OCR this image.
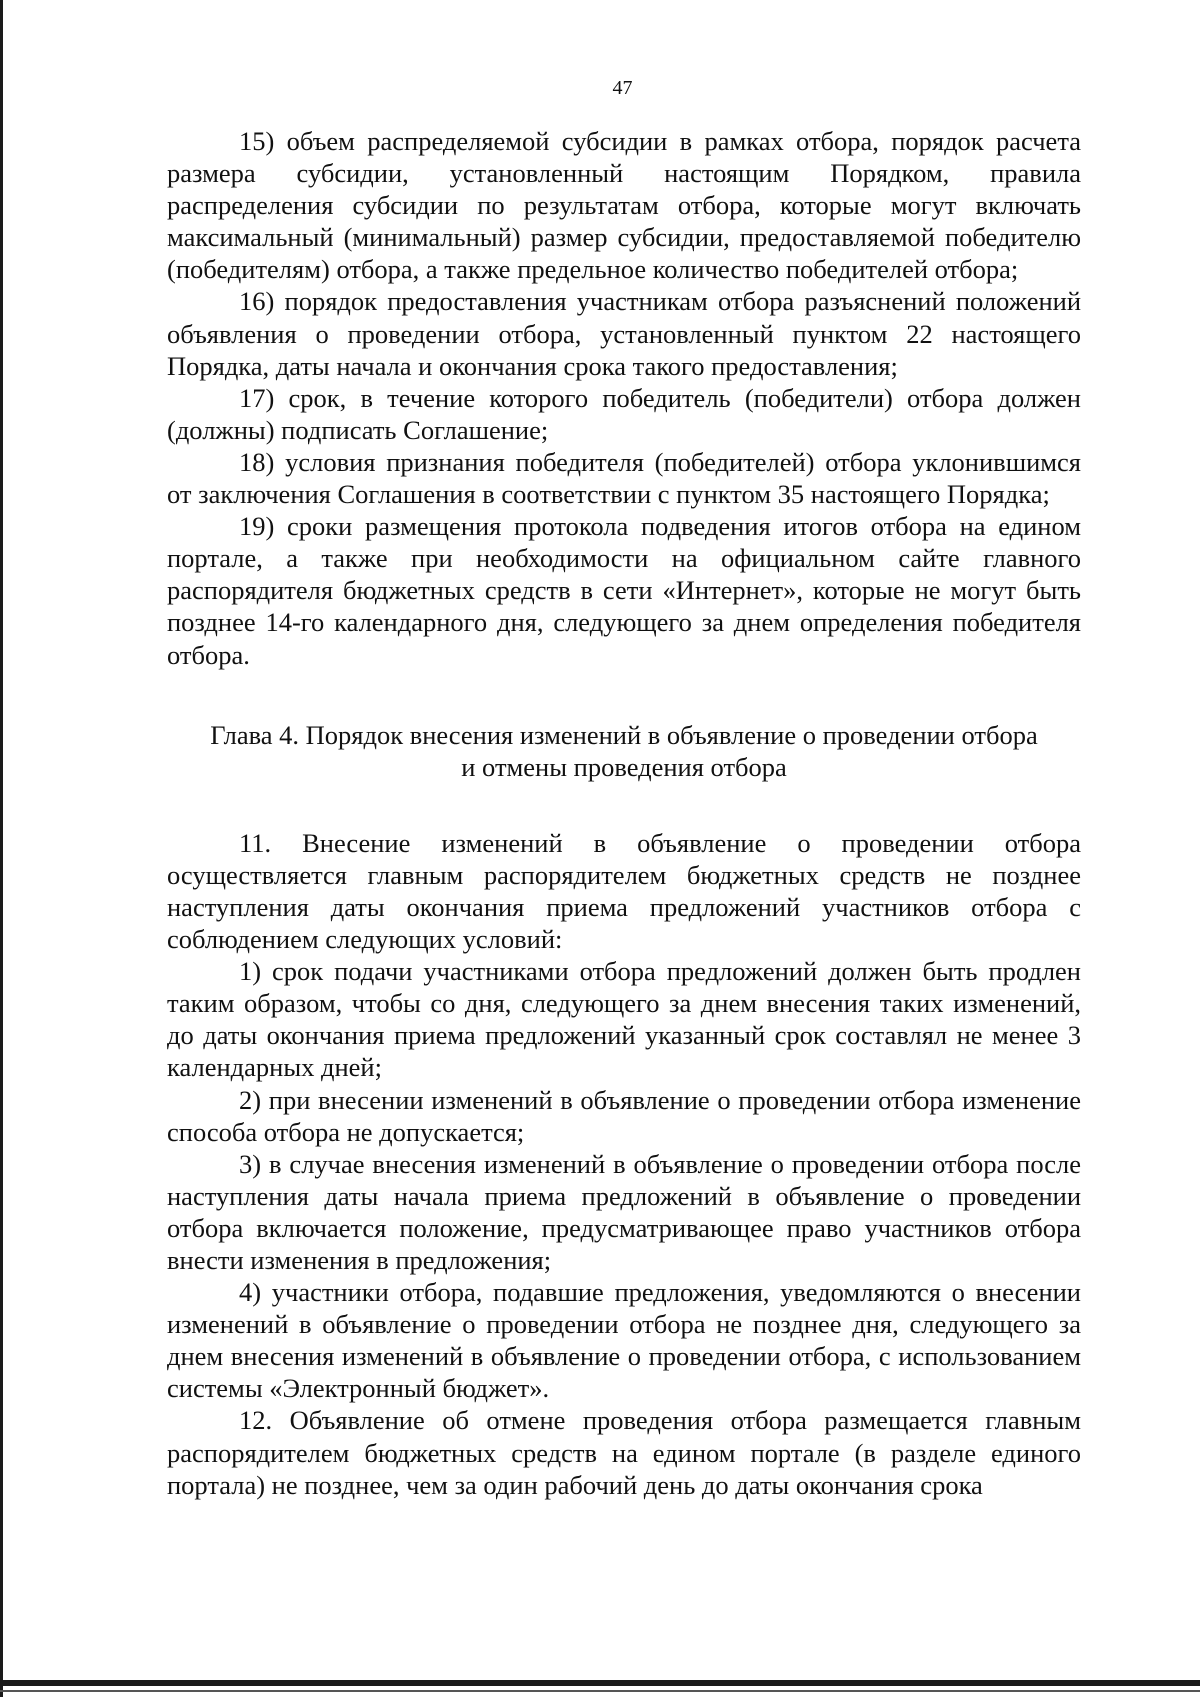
47

15) объем распределяемой субсидии в рамках отбора, порядок расчета размера субсидии, установленный настоящим Порядком, правила распределения субсидии по результатам отбора, которые могут включать максимальный (минимальный) размер субсидии, предоставляемой победителю (победителям) отбора, а также предельное количество победителей отбора;

16) порядок предоставления участникам отбора разъяснений положений объявления о проведении отбора, установленный пунктом 22 настоящего Порядка, даты начала и окончания срока такого предоставления;

17) срок, в течение которого победитель (победители) отбора должен (должны) подписать Соглашение;

18) условия признания победителя (победителей) отбора уклонившимся от заключения Соглашения в соответствии с пунктом 35 настоящего Порядка;

19) сроки размещения протокола подведения итогов отбора на едином портале, а также при необходимости на официальном сайте главного распорядителя бюджетных средств в сети «Интернет», которые не могут быть позднее 14-го календарного дня, следующего за днем определения победителя отбора.

Глава 4. Порядок внесения изменений в объявление о проведении отбора

и отмены проведения отбора

11. Внесение изменений в объявление о проведении отбора осуществляется главным распорядителем бюджетных средств не позднее наступления даты окончания приема предложений участников отбора с соблюдением следующих условий:

1) срок подачи участниками отбора предложений должен быть продлен таким образом, чтобы со дня, следующего за днем внесения таких изменений, до даты окончания приема предложений указанный срок составлял не менее 3 календарных дней;

2) при внесении изменений в объявление о проведении отбора изменение способа отбора не допускается;

3) в случае внесения изменений в объявление о проведении отбора после наступления даты начала приема предложений в объявление о проведении отбора включается положение, предусматривающее право участников отбора внести изменения в предложения;

4) участники отбора, подавшие предложения, уведомляются о внесении изменений в объявление о проведении отбора не позднее дня, следующего за днем внесения изменений в объявление о проведении отбора, с использованием системы «Электронный бюджет».

12. Объявление об отмене проведения отбора размещается главным распорядителем бюджетных средств на едином портале (в разделе единого портала) не позднее, чем за один рабочий день до даты окончания срока
